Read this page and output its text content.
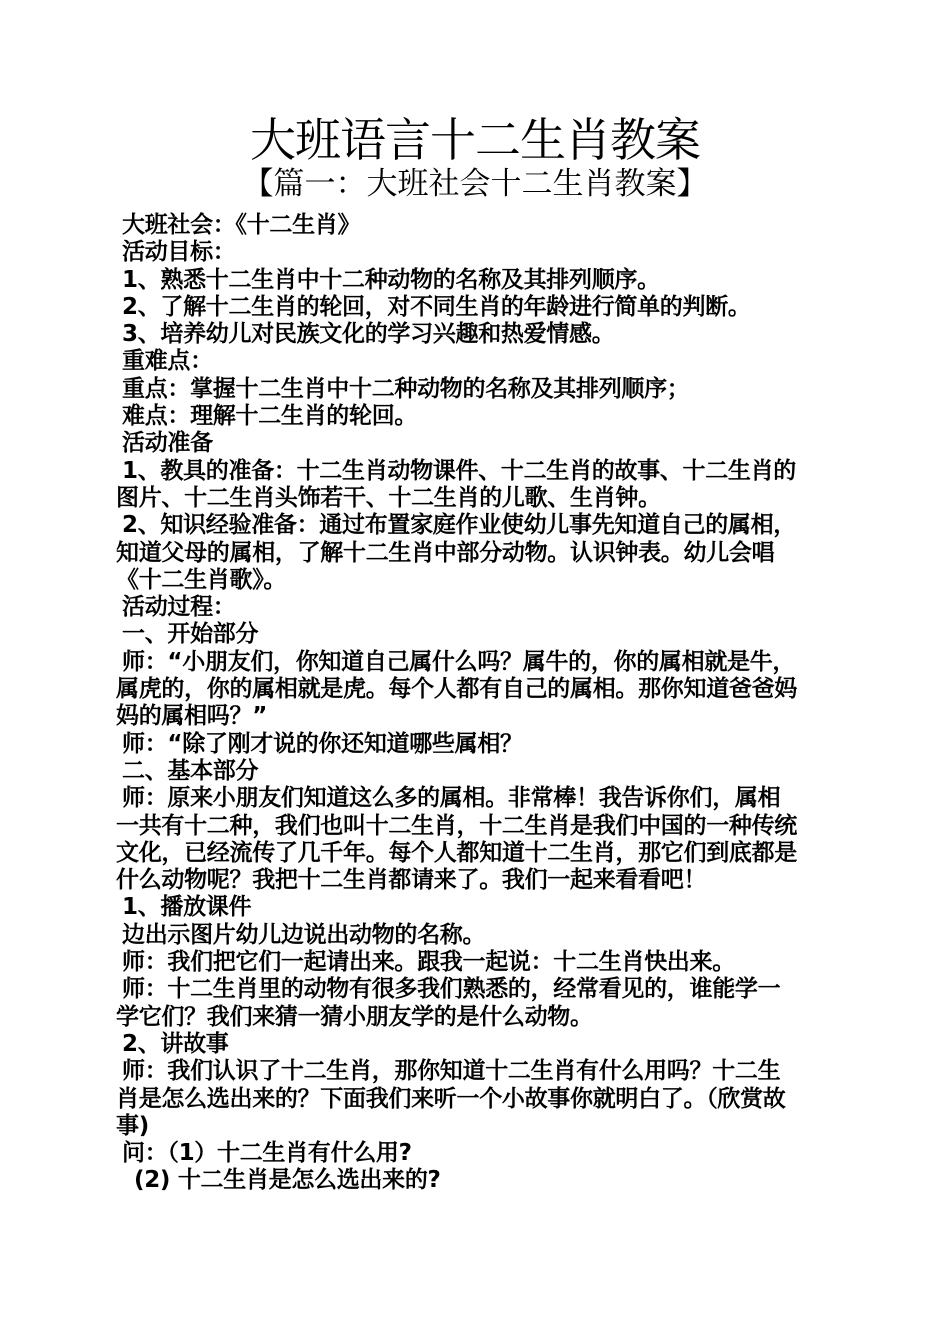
大班语言十二生肖教案
【篇一：大班社会十二生肖教案】
大班社会：《十二生肖》
活动目标：
1、熟悉十二生肖中十二种动物的名称及其排列顺序。
2、了解十二生肖的轮回，对不同生肖的年龄进行简单的判断。
3、培养幼儿对民族文化的学习兴趣和热爱情感。
重难点：
重点：掌握十二生肖中十二种动物的名称及其排列顺序；
难点：理解十二生肖的轮回。
活动准备
1、教具的准备：十二生肖动物课件、十二生肖的故事、十二生肖的
图片、十二生肖头饰若干、十二生肖的儿歌、生肖钟。
2、知识经验准备：通过布置家庭作业使幼儿事先知道自己的属相，
知道父母的属相，了解十二生肖中部分动物。认识钟表。幼儿会唱
《十二生肖歌》。
活动过程：
一、开始部分
师：“小朋友们，你知道自己属什么吗？属牛的，你的属相就是牛，
属虎的，你的属相就是虎。每个人都有自己的属相。那你知道爸爸妈
妈的属相吗？”
师：“除了刚才说的你还知道哪些属相？
二、基本部分
师：原来小朋友们知道这么多的属相。非常棒！我告诉你们，属相
一共有十二种，我们也叫十二生肖，十二生肖是我们中国的一种传统
文化，已经流传了几千年。每个人都知道十二生肖，那它们到底都是
什么动物呢？我把十二生肖都请来了。我们一起来看看吧！
1、播放课件
边出示图片幼儿边说出动物的名称。
师：我们把它们一起请出来。跟我一起说：十二生肖快出来。
师：十二生肖里的动物有很多我们熟悉的，经常看见的，谁能学一
学它们？我们来猜一猜小朋友学的是什么动物。
2、讲故事
师：我们认识了十二生肖，那你知道十二生肖有什么用吗？十二生
肖是怎么选出来的？下面我们来听一个小故事你就明白了。（欣赏故
事)
问：（1）十二生肖有什么用?
(2) 十二生肖是怎么选出来的?
